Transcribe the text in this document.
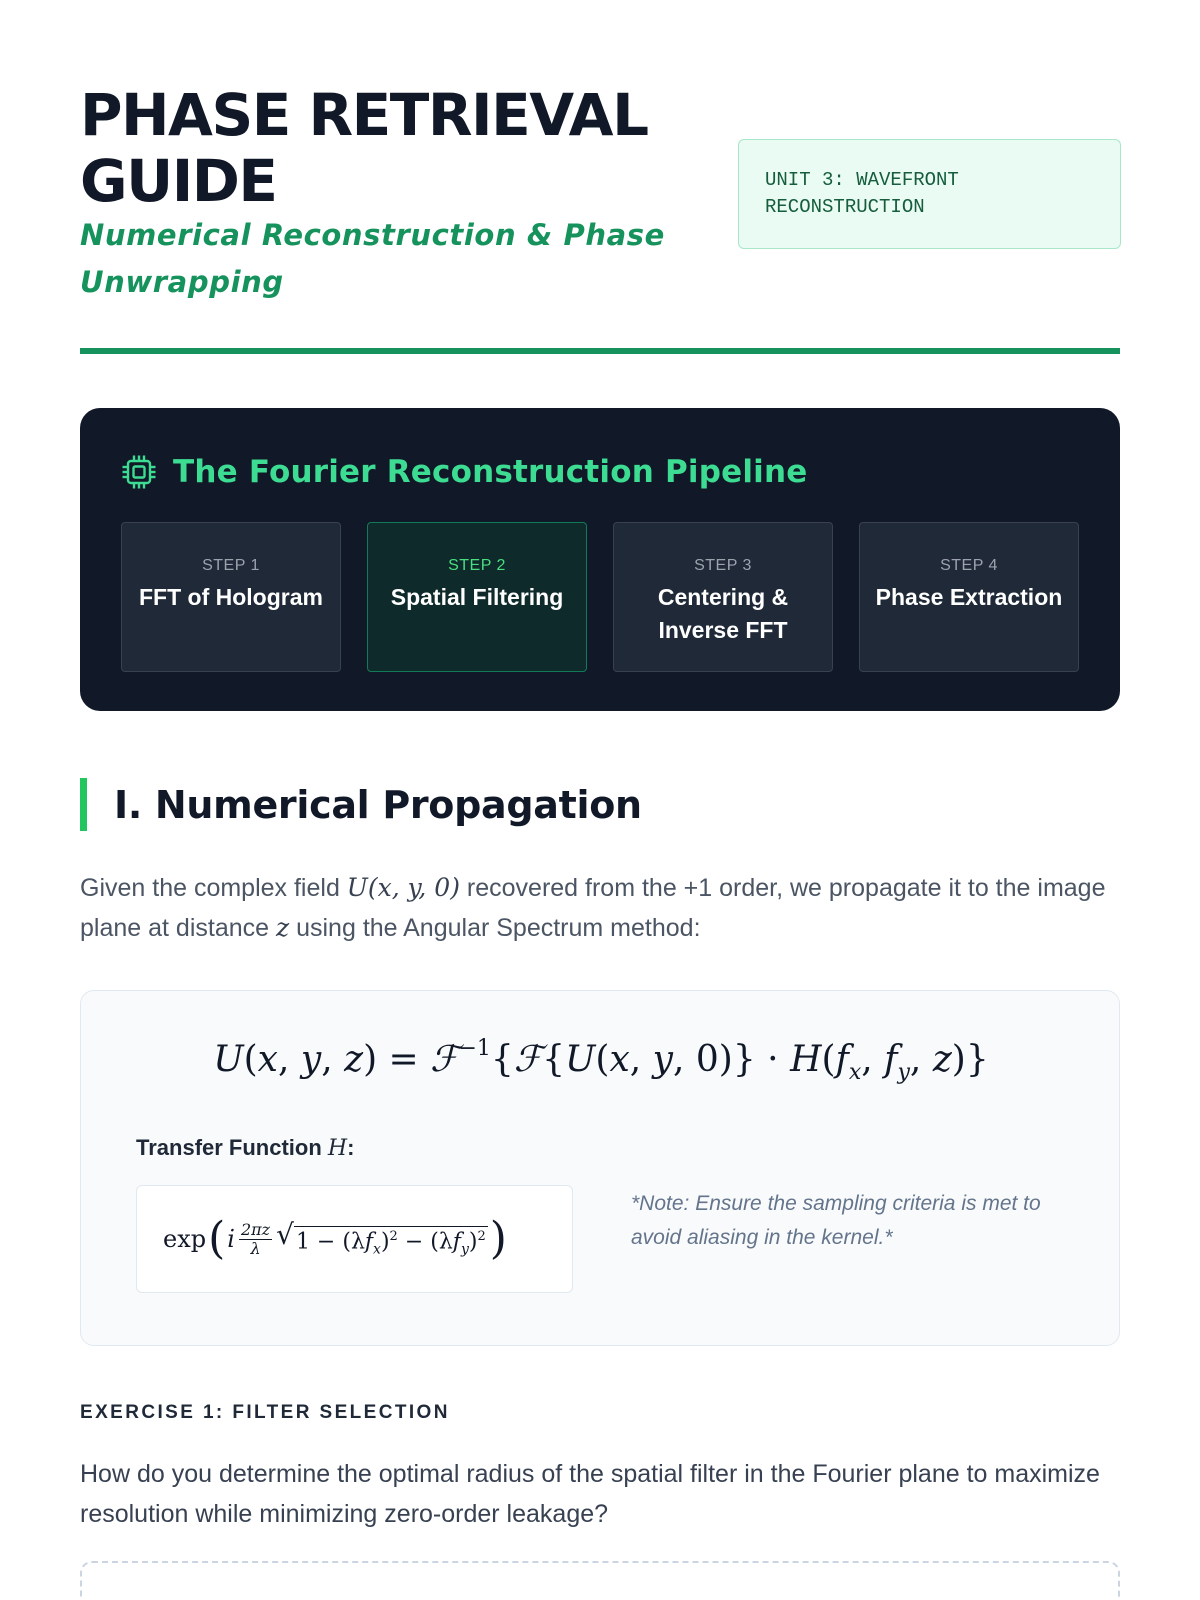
PHASE RETRIEVAL GUIDE
Numerical Reconstruction & Phase Unwrapping
UNIT 3: WAVEFRONT RECONSTRUCTION
The Fourier Reconstruction Pipeline
STEP 1
FFT of Hologram
STEP 2
Spatial Filtering
STEP 3
Centering & Inverse FFT
STEP 4
Phase Extraction
I. Numerical Propagation

Given the complex field U(x, y, 0) recovered from the +1 order, we propagate it to the image plane at distance z using the Angular Spectrum method:

U(x, y, z) = ℱ$^{-1}${ℱ{U(x, y, $0)\} \cdot H(f_x$, $f_y$, z)}
Transfer Function H:
exp ( i $\frac{2\pi z}{\lambda}$ √ $1 - (\lambda f_x)^2 - (\lambda f_y)^2$ )
*Note: Ensure the sampling criteria is met to avoid aliasing in the kernel.*
EXERCISE 1: FILTER SELECTION

How do you determine the optimal radius of the spatial filter in the Fourier plane to maximize resolution while minimizing zero-order leakage?
